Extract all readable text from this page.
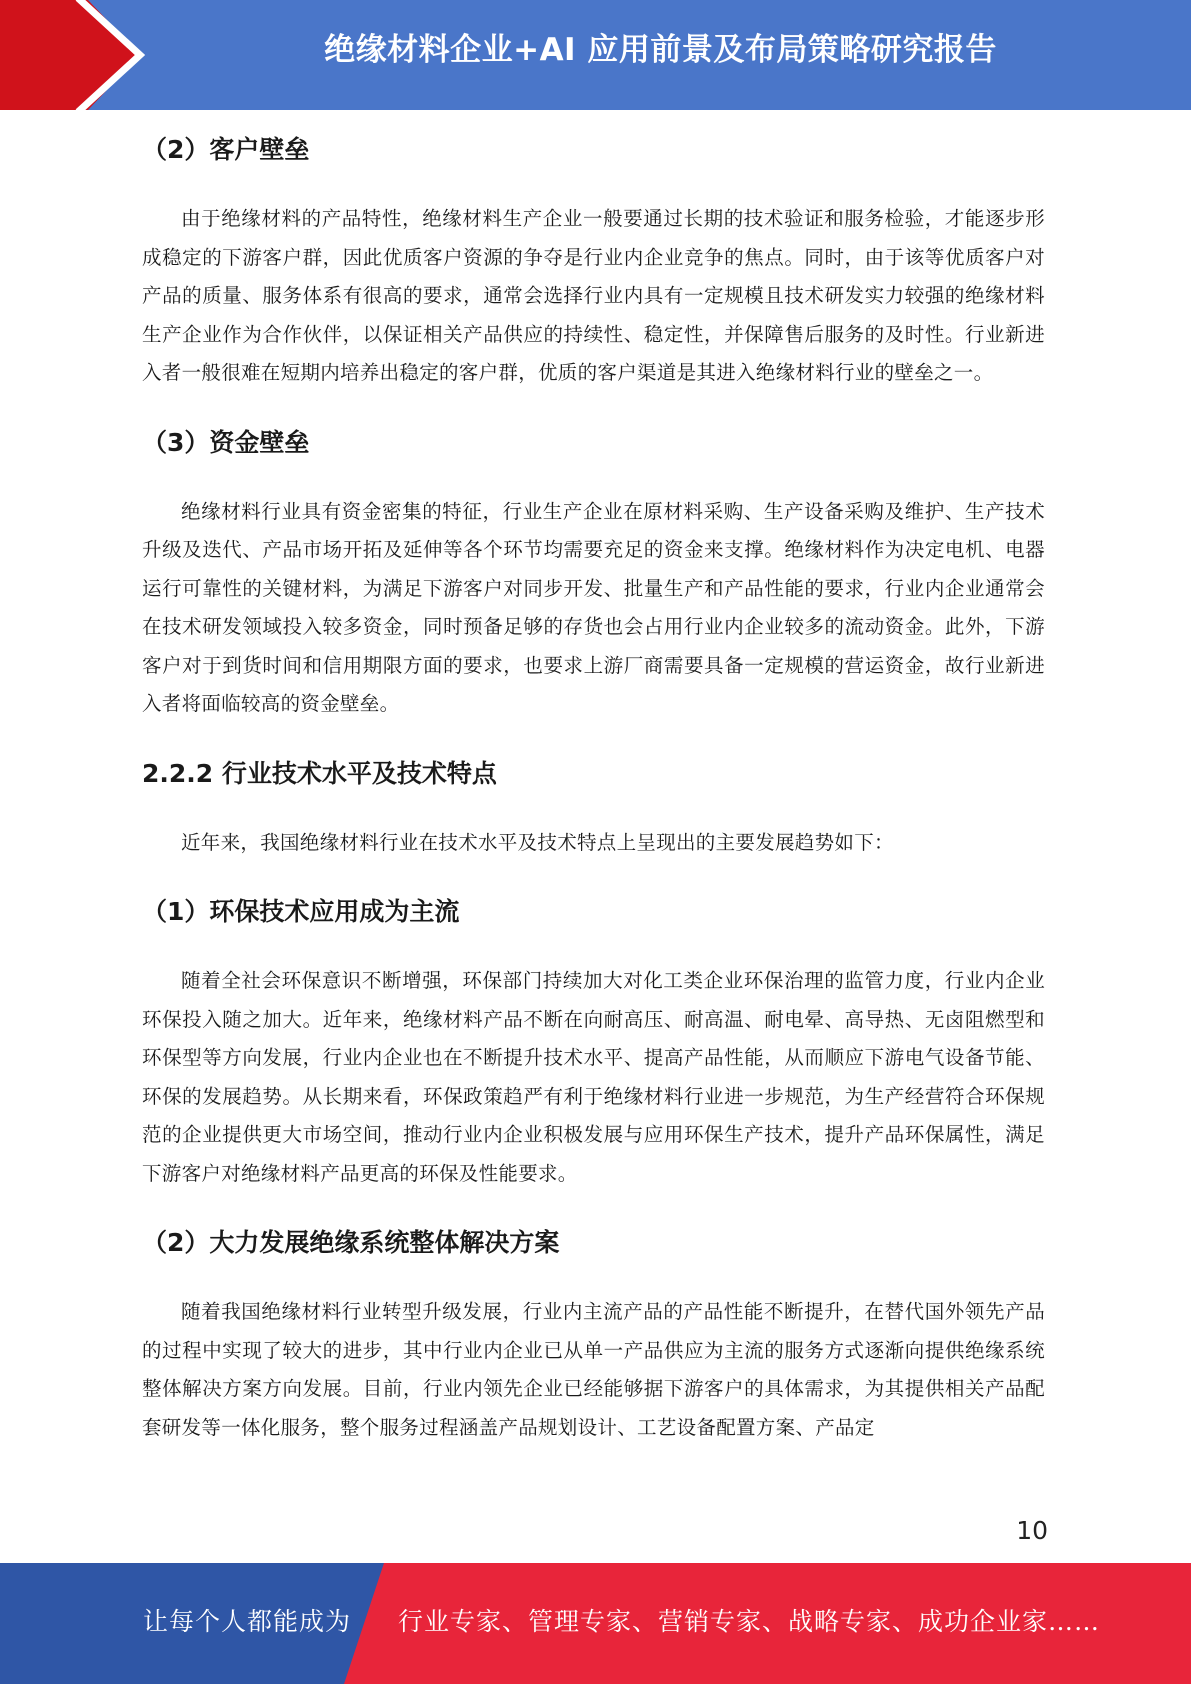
绝缘材料企业+AI 应用前景及布局策略研究报告
（2）客户壁垒

由于绝缘材料的产品特性，绝缘材料生产企业一般要通过长期的技术验证和服务检验，才能逐步形成稳定的下游客户群，因此优质客户资源的争夺是行业内企业竞争的焦点。同时，由于该等优质客户对产品的质量、服务体系有很高的要求，通常会选择行业内具有一定规模且技术研发实力较强的绝缘材料生产企业作为合作伙伴，以保证相关产品供应的持续性、稳定性，并保障售后服务的及时性。行业新进入者一般很难在短期内培养出稳定的客户群，优质的客户渠道是其进入绝缘材料行业的壁垒之一。

（3）资金壁垒

绝缘材料行业具有资金密集的特征，行业生产企业在原材料采购、生产设备采购及维护、生产技术升级及迭代、产品市场开拓及延伸等各个环节均需要充足的资金来支撑。绝缘材料作为决定电机、电器运行可靠性的关键材料，为满足下游客户对同步开发、批量生产和产品性能的要求，行业内企业通常会在技术研发领域投入较多资金，同时预备足够的存货也会占用行业内企业较多的流动资金。此外，下游客户对于到货时间和信用期限方面的要求，也要求上游厂商需要具备一定规模的营运资金，故行业新进入者将面临较高的资金壁垒。

2.2.2 行业技术水平及技术特点

近年来，我国绝缘材料行业在技术水平及技术特点上呈现出的主要发展趋势如下：

（1）环保技术应用成为主流

随着全社会环保意识不断增强，环保部门持续加大对化工类企业环保治理的监管力度，行业内企业环保投入随之加大。近年来，绝缘材料产品不断在向耐高压、耐高温、耐电晕、高导热、无卤阻燃型和环保型等方向发展，行业内企业也在不断提升技术水平、提高产品性能，从而顺应下游电气设备节能、环保的发展趋势。从长期来看，环保政策趋严有利于绝缘材料行业进一步规范，为生产经营符合环保规范的企业提供更大市场空间，推动行业内企业积极发展与应用环保生产技术，提升产品环保属性，满足下游客户对绝缘材料产品更高的环保及性能要求。

（2）大力发展绝缘系统整体解决方案

随着我国绝缘材料行业转型升级发展，行业内主流产品的产品性能不断提升，在替代国外领先产品的过程中实现了较大的进步，其中行业内企业已从单一产品供应为主流的服务方式逐渐向提供绝缘系统整体解决方案方向发展。目前，行业内领先企业已经能够据下游客户的具体需求，为其提供相关产品配套研发等一体化服务，整个服务过程涵盖产品规划设计、工艺设备配置方案、产品定

10
让每个人都能成为 行业专家、管理专家、营销专家、战略专家、成功企业家……
